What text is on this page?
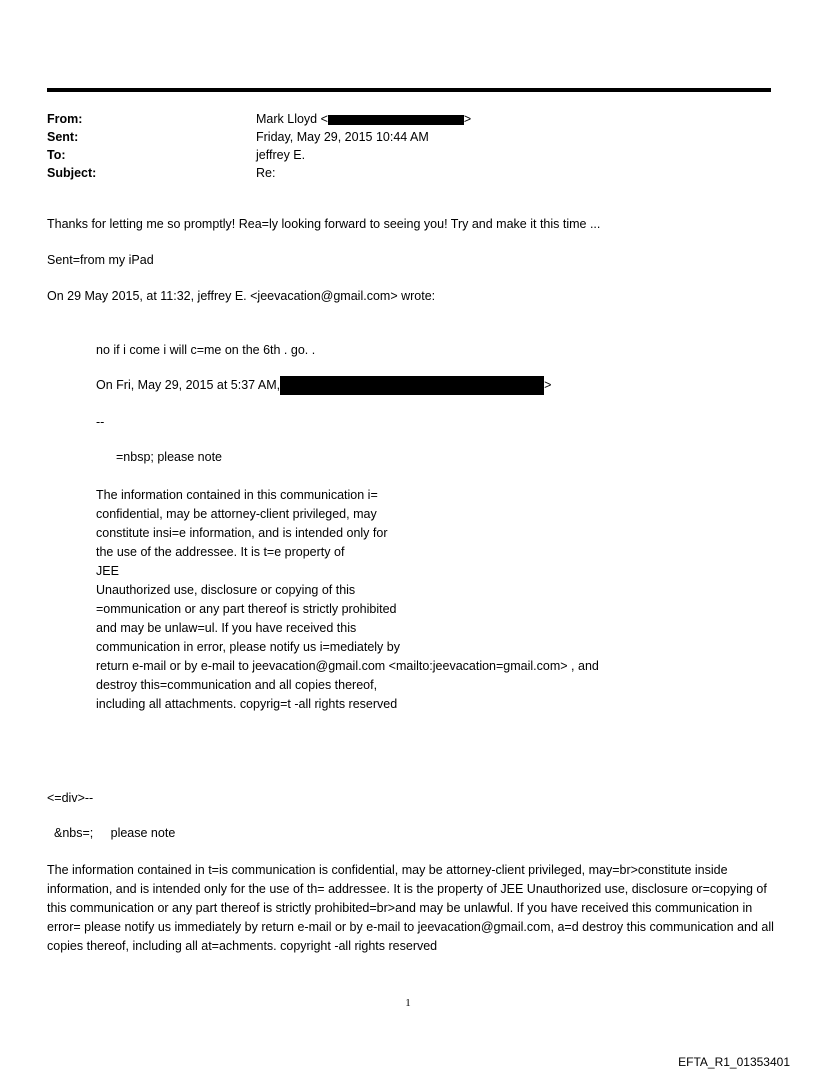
From:	Mark Lloyd <	>
Sent:	Friday, May 29, 2015 10:44 AM
To:	jeffrey E.
Subject:	Re:
Thanks for letting me so promptly! Rea=ly looking forward to seeing you! Try and make it this time ...
Sent=from my iPad
On 29 May 2015, at 11:32, jeffrey E. <jeevacation@gmail.com> wrote:
no if i come i will c=me on the 6th . go. .
On Fri, May 29, 2015 at 5:37 AM,	>
--
=nbsp; please note
The information contained in this communication i=
confidential, may be attorney-client privileged, may
constitute insi=e information, and is intended only for
the use of the addressee. It is t=e property of
JEE
Unauthorized use, disclosure or copying of this
=ommunication or any part thereof is strictly prohibited
and may be unlaw=ul. If you have received this
communication in error, please notify us i=mediately by
return e-mail or by e-mail to jeevacation@gmail.com <mailto:jeevacation=gmail.com> , and
destroy this=communication and all copies thereof,
including all attachments. copyrig=t -all rights reserved
<=div>--
&nbs=;     please note
The information contained in t=is communication is confidential, may be attorney-client privileged, may=br>constitute inside information, and is intended only for the use of th= addressee. It is the property of JEE Unauthorized use, disclosure or=copying of this communication or any part thereof is strictly prohibited=br>and may be unlawful. If you have received this communication in error= please notify us immediately by return e-mail or by e-mail to jeevacation@gmail.com, a=d destroy this communication and all copies thereof, including all at=achments. copyright -all rights reserved
1
EFTA_R1_01353401
